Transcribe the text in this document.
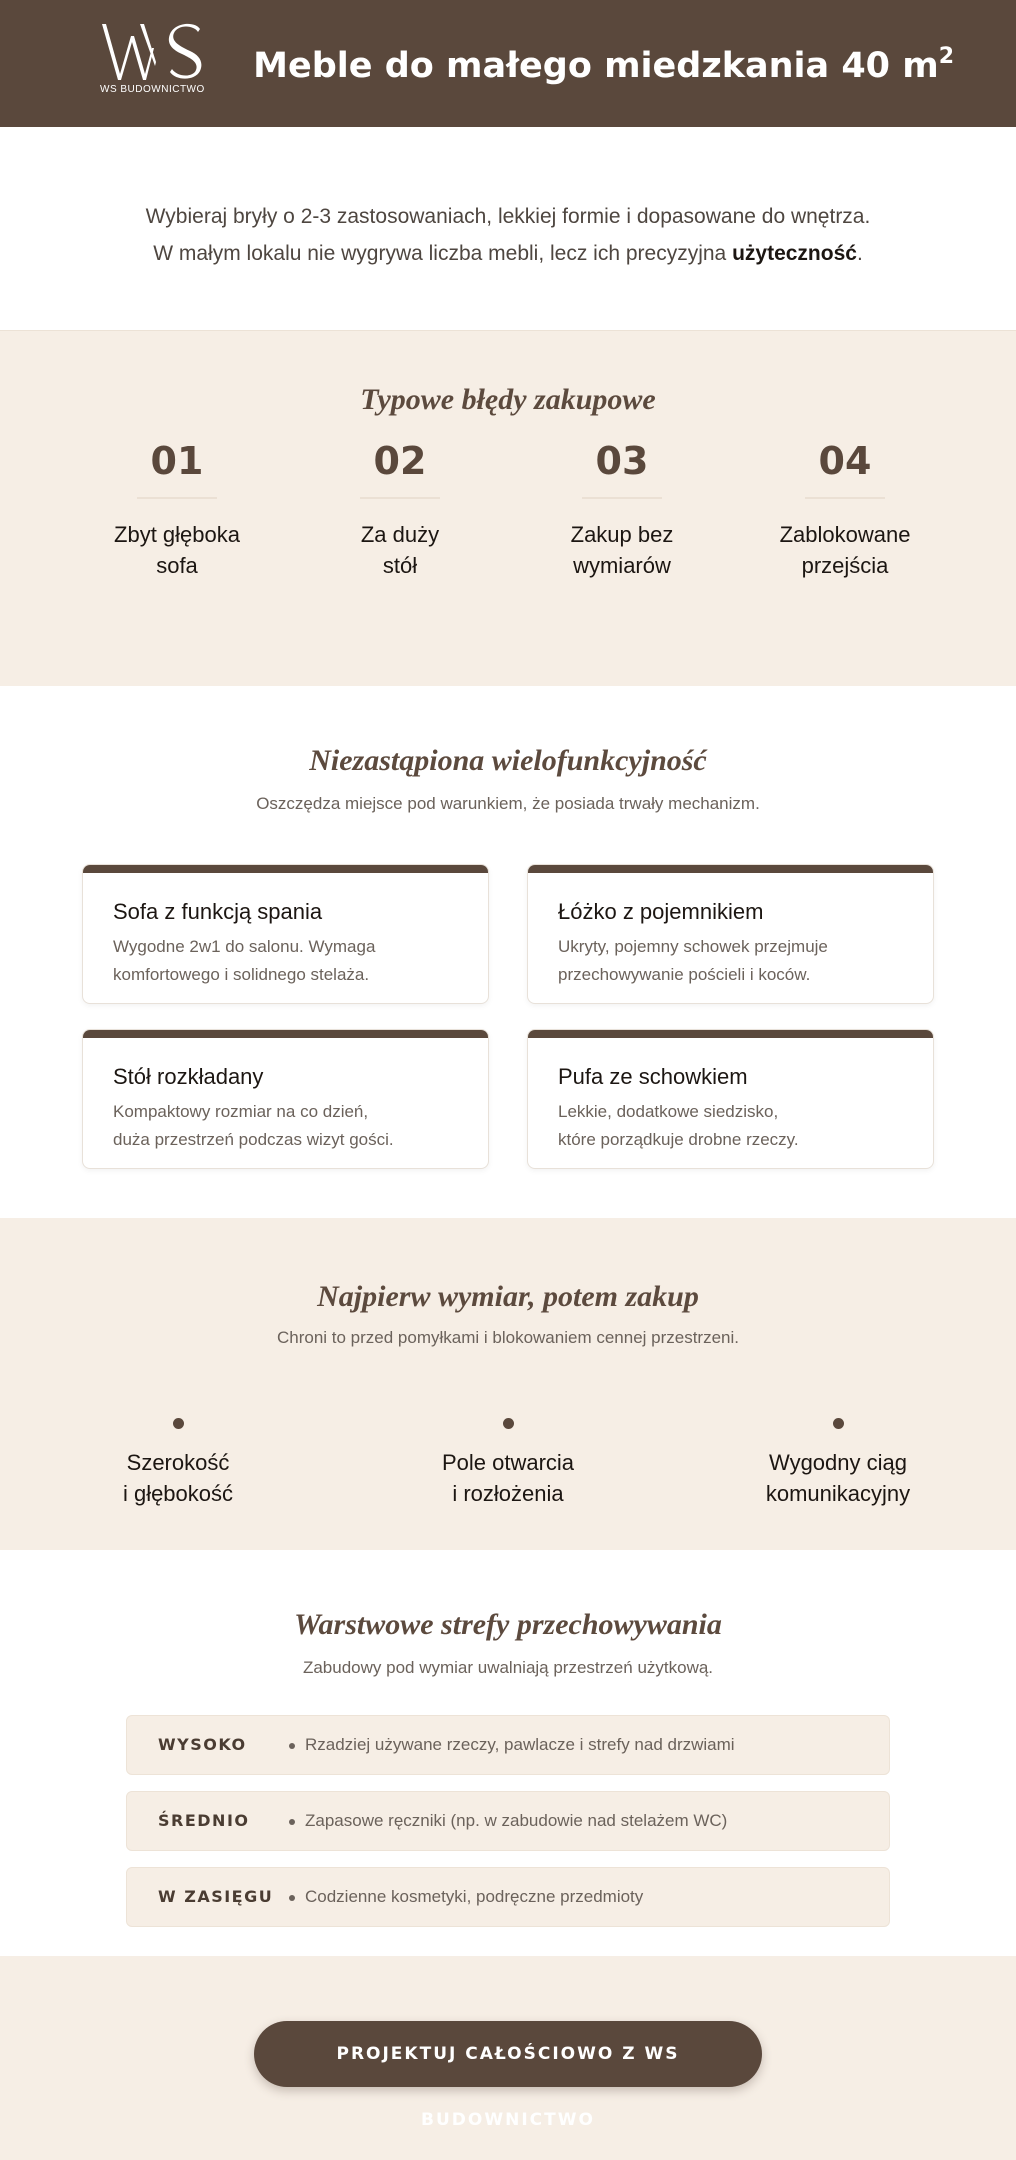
WS BUDOWNICTWO
Meble do małego miedzkania 40 $m^2$

Wybieraj bryły o 2-3 zastosowaniach, lekkiej formie i dopasowane do wnętrza.

W małym lokalu nie wygrywa liczba mebli, lecz ich precyzyjna użyteczność.

Typowe błędy zakupowe
01
Zbyt głęboka
sofa
02
Za duży
stół
03
Zakup bez
wymiarów
04
Zablokowane
przejścia
Niezastąpiona wielofunkcyjność

Oszczędza miejsce pod warunkiem, że posiada trwały mechanizm.

Sofa z funkcją spania

Wygodne 2w1 do salonu. Wymaga
komfortowego i solidnego stelaża.

Łóżko z pojemnikiem

Ukryty, pojemny schowek przejmuje
przechowywanie pościeli i koców.

Stół rozkładany

Kompaktowy rozmiar na co dzień,
duża przestrzeń podczas wizyt gości.

Pufa ze schowkiem

Lekkie, dodatkowe siedzisko,
które porządkuje drobne rzeczy.

Najpierw wymiar, potem zakup

Chroni to przed pomyłkami i blokowaniem cennej przestrzeni.

Szerokość
i głębokość
Pole otwarcia
i rozłożenia
Wygodny ciąg
komunikacyjny
Warstwowe strefy przechowywania

Zabudowy pod wymiar uwalniają przestrzeń użytkową.

WYSOKO	Rzadziej używane rzeczy, pawlacze i strefy nad drzwiami
ŚREDNIO	Zapasowe ręczniki (np. w zabudowie nad stelażem WC)
W ZASIĘGU Codzienne kosmetyki, podręczne przedmioty
PROJEKTUJ CAŁOŚCIOWO Z WS BUDOWNICTWO
